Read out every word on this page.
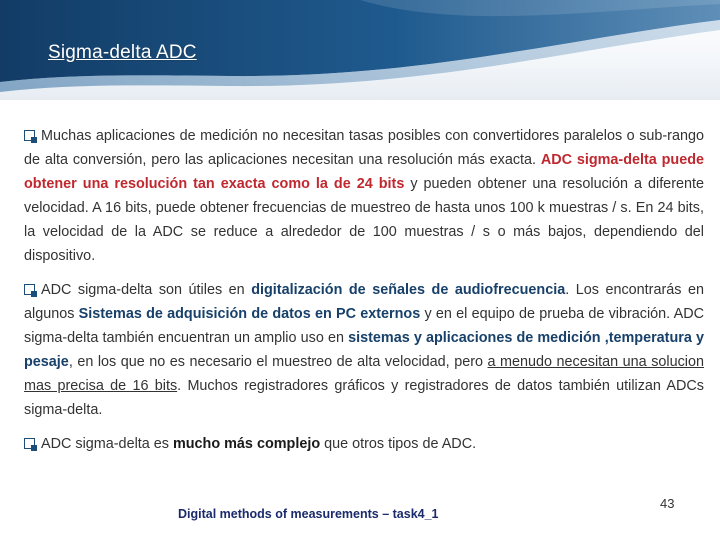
Sigma-delta ADC

Muchas aplicaciones de medición no necesitan tasas posibles con convertidores paralelos o sub-rango de alta conversión, pero las aplicaciones necesitan una resolución más exacta. ADC sigma-delta puede obtener una resolución tan exacta como la de 24 bits y pueden obtener una resolución a diferente velocidad. A 16 bits, puede obtener frecuencias de muestreo de hasta unos 100 k muestras / s. En 24 bits, la velocidad de la ADC se reduce a alrededor de 100 muestras / s o más bajos, dependiendo del dispositivo.

ADC sigma-delta son útiles en digitalización de señales de audiofrecuencia. Los encontrarás en algunos Sistemas de adquisición de datos en PC externos y en el equipo de prueba de vibración. ADC sigma-delta también encuentran un amplio uso en sistemas y aplicaciones de medición ,temperatura y pesaje, en los que no es necesario el muestreo de alta velocidad, pero a menudo necesitan una solucion mas precisa de 16 bits. Muchos registradores gráficos y registradores de datos también utilizan ADCs sigma-delta.

ADC sigma-delta es mucho más complejo que otros tipos de ADC.

Digital methods of measurements – task4_1
43
